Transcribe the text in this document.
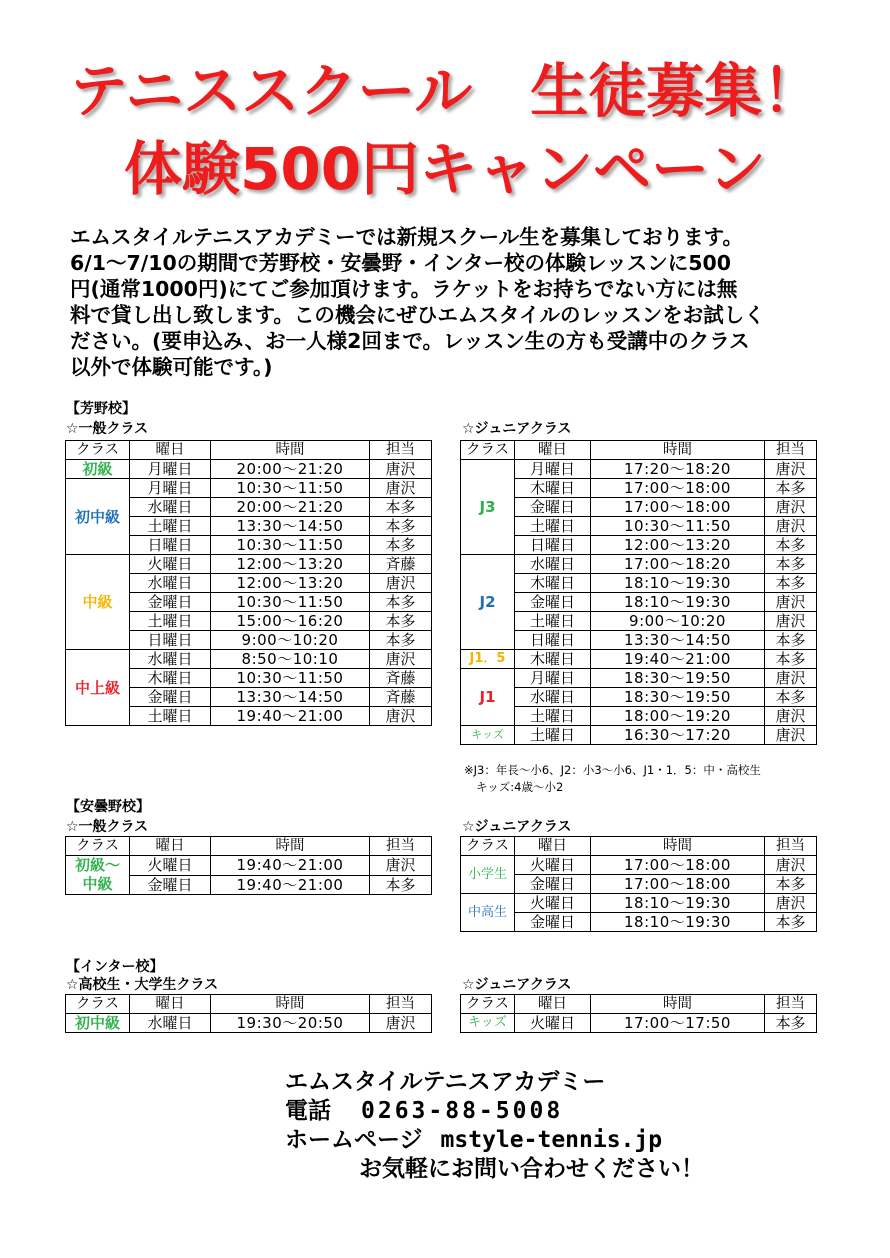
テニススクール　生徒募集！
体験500円キャンペーン
エムスタイルテニスアカデミーでは新規スクール生を募集しております。
6/1～7/10の期間で芳野校・安曇野・インター校の体験レッスンに500
円(通常1000円)にてご参加頂けます。ラケットをお持ちでない方には無
料で貸し出し致します。この機会にぜひエムスタイルのレッスンをお試しく
ださい。(要申込み、お一人様2回まで。レッスン生の方も受講中のクラス
以外で体験可能です。)
【芳野校】
☆一般クラス	☆ジュニアクラス
クラス	曜日	時間	担当
初級	月曜日	20:00～21:20	唐沢
初中級	月曜日	10:30～11:50	唐沢
	水曜日	20:00～21:20	本多
	土曜日	13:30～14:50	本多
	日曜日	10:30～11:50	本多
中級	火曜日	12:00～13:20	斉藤
	水曜日	12:00～13:20	唐沢
	金曜日	10:30～11:50	本多
	土曜日	15:00～16:20	本多
	日曜日	9:00～10:20	本多
中上級	水曜日	8:50～10:10	唐沢
	木曜日	10:30～11:50	斉藤
	金曜日	13:30～14:50	斉藤
	土曜日	19:40～21:00	唐沢
クラス	曜日	時間	担当
J3	月曜日	17:20～18:20	唐沢
	木曜日	17:00～18:00	本多
	金曜日	17:00～18:00	唐沢
	土曜日	10:30～11:50	唐沢
	日曜日	12:00～13:20	本多
J2	水曜日	17:00～18:20	本多
	木曜日	18:10～19:30	本多
	金曜日	18:10～19:30	唐沢
	土曜日	9:00～10:20	唐沢
	日曜日	13:30～14:50	本多
J1．5	木曜日	19:40～21:00	本多
J1	月曜日	18:30～19:50	唐沢
	水曜日	18:30～19:50	本多
	土曜日	18:00～19:20	唐沢
キッズ	土曜日	16:30～17:20	唐沢
※J3：年長～小6、J2：小3～小6、J1・1．5：中・高校生
キッズ:4歳～小2
【安曇野校】
☆一般クラス	☆ジュニアクラス
クラス	曜日	時間	担当
初級～
中級	火曜日	19:40～21:00	唐沢
	金曜日	19:40～21:00	本多
クラス	曜日	時間	担当
小学生	火曜日	17:00～18:00	唐沢
	金曜日	17:00～18:00	本多
中高生	火曜日	18:10～19:30	唐沢
	金曜日	18:10～19:30	本多
【インター校】
☆高校生・大学生クラス	☆ジュニアクラス
クラス	曜日	時間	担当
初中級	水曜日	19:30～20:50	唐沢
クラス	曜日	時間	担当
キッズ	火曜日	17:00～17:50	本多
エムスタイルテニスアカデミー
電話 0263-88-5008
ホームページ mstyle-tennis.jp
お気軽にお問い合わせください！
